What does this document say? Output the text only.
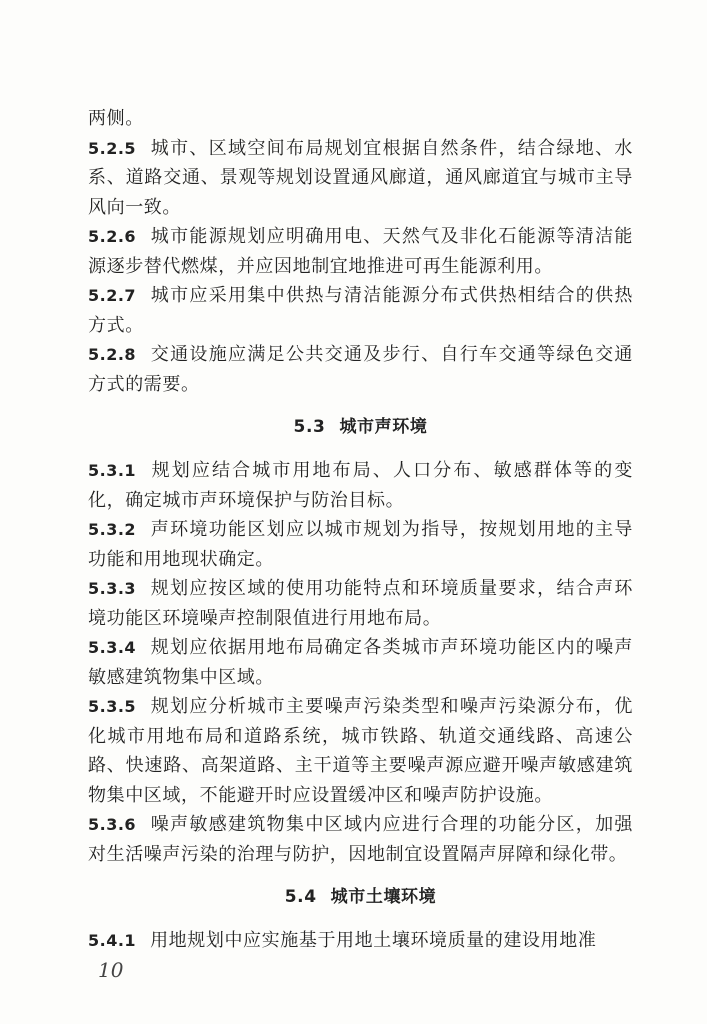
两侧。

5.2.5 城市、区域空间布局规划宜根据自然条件，结合绿地、水系、道路交通、景观等规划设置通风廊道，通风廊道宜与城市主导风向一致。

5.2.6 城市能源规划应明确用电、天然气及非化石能源等清洁能源逐步替代燃煤，并应因地制宜地推进可再生能源利用。

5.2.7 城市应采用集中供热与清洁能源分布式供热相结合的供热方式。

5.2.8 交通设施应满足公共交通及步行、自行车交通等绿色交通方式的需要。

5.3 城市声环境

5.3.1 规划应结合城市用地布局、人口分布、敏感群体等的变化，确定城市声环境保护与防治目标。

5.3.2 声环境功能区划应以城市规划为指导，按规划用地的主导功能和用地现状确定。

5.3.3 规划应按区域的使用功能特点和环境质量要求，结合声环境功能区环境噪声控制限值进行用地布局。

5.3.4 规划应依据用地布局确定各类城市声环境功能区内的噪声敏感建筑物集中区域。

5.3.5 规划应分析城市主要噪声污染类型和噪声污染源分布，优化城市用地布局和道路系统，城市铁路、轨道交通线路、高速公路、快速路、高架道路、主干道等主要噪声源应避开噪声敏感建筑物集中区域，不能避开时应设置缓冲区和噪声防护设施。

5.3.6 噪声敏感建筑物集中区域内应进行合理的功能分区，加强对生活噪声污染的治理与防护，因地制宜设置隔声屏障和绿化带。

5.4 城市土壤环境

5.4.1 用地规划中应实施基于用地土壤环境质量的建设用地准

10
